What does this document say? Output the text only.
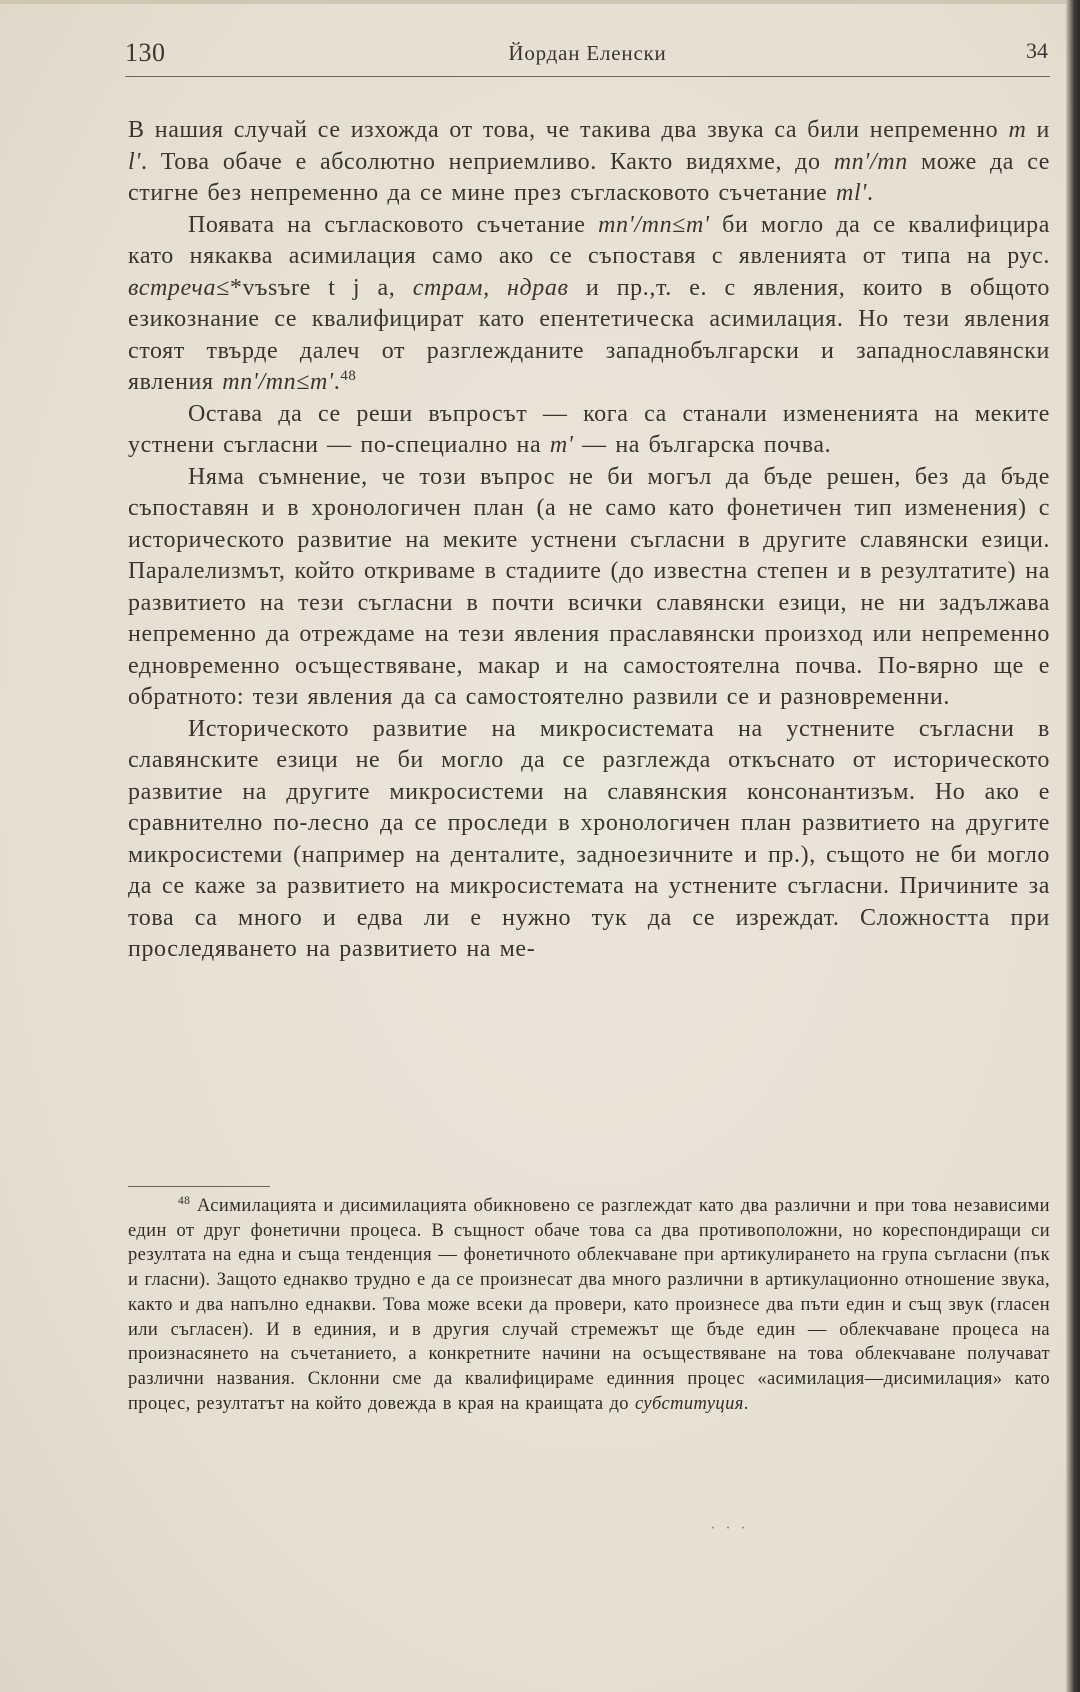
130	Йордан Еленски	34

В нашия случай се изхожда от това, че такива два звука са били непременно m и l'. Това обаче е абсолютно неприемливо. Както видяхме, до mn'/mn може да се стигне без непременно да се мине през съгласковото съчетание ml'.

Появата на съгласковото съчетание mn'/mn≤m' би могло да се квалифицира като някаква асимилация само ако се съпоставя с явленията от типа на рус. встреча≤*vъsъrе t j a, страм, ндрав и пр.,т. е. с явления, които в общото езикознание се квалифицират като епентетическа асимилация. Но тези явления стоят твърде далеч от разглежданите западнобългарски и западнославянски явления mn'/mn≤m'.$^{48}$

Остава да се реши въпросът — кога са станали измененията на меките устнени съгласни — по-специално на m' — на българска почва.

Няма съмнение, че този въпрос не би могъл да бъде решен, без да бъде съпоставян и в хронологичен план (а не само като фонетичен тип изменения) с историческото развитие на меките устнени съгласни в другите славянски езици. Паралелизмът, който откриваме в стадиите (до известна степен и в резултатите) на развитието на тези съгласни в почти всички славянски езици, не ни задължава непременно да отреждаме на тези явления праславянски произход или непременно едновременно осъществяване, макар и на самостоятелна почва. По-вярно ще е обратното: тези явления да са самостоятелно развили се и разновременни.

Историческото развитие на микросистемата на устнените съгласни в славянските езици не би могло да се разглежда откъснато от историческото развитие на другите микросистеми на славянския консонантизъм. Но ако е сравнително по-лесно да се проследи в хронологичен план развитието на другите микросистеми (например на денталите, задноезичните и пр.), същото не би могло да се каже за развитието на микросистемата на устнените съгласни. Причините за това са много и едва ли е нужно тук да се изреждат. Сложността при проследяването на развитието на ме-

$^{48}$ Асимилацията и дисимилацията обикновено се разглеждат като два различни и при това независими един от друг фонетични процеса. В същност обаче това са два противоположни, но кореспондиращи си резултата на една и съща тенденция — фонетичното облекчаване при артикулирането на група съгласни (пък и гласни). Защото еднакво трудно е да се произнесат два много различни в артикулационно отношение звука, както и два напълно еднакви. Това може всеки да провери, като произнесе два пъти един и същ звук (гласен или съгласен). И в единия, и в другия случай стремежът ще бъде един — облекчаване процеса на произнасянето на съчетанието, а конкретните начини на осъществяване на това облекчаване получават различни названия. Склонни сме да квалифицираме единния процес «асимилация—дисимилация» като процес, резултатът на който довежда в края на краищата до субституция.

· · ·
